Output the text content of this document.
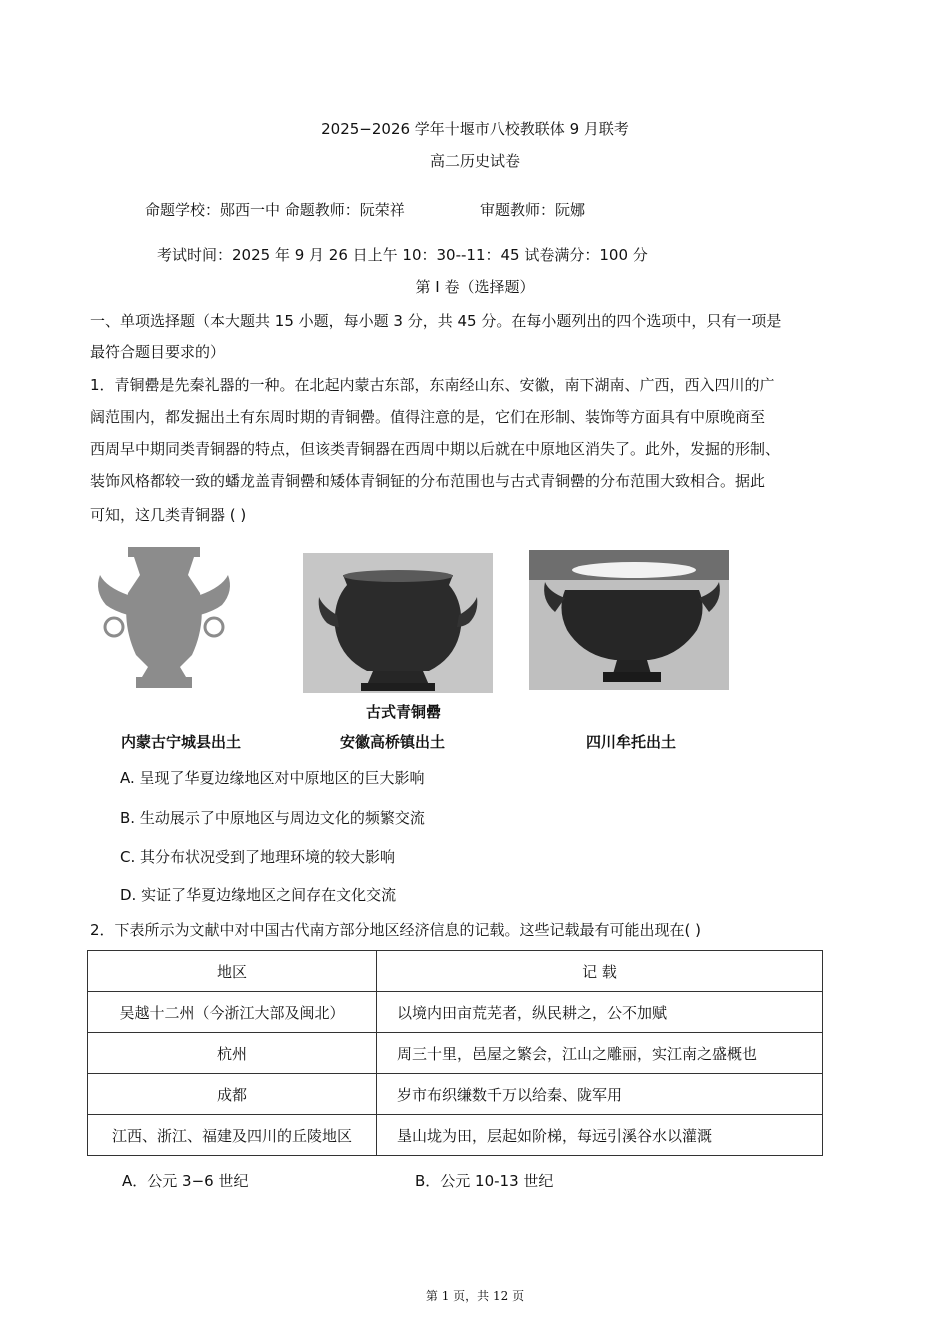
2025−2026 学年十堰市八校教联体 9 月联考
高二历史试卷
命题学校：郧西一中 命题教师：阮荣祥	审题教师：阮娜
考试时间：2025 年 9 月 26 日上午 10：30--11：45 试卷满分：100 分
第 I 卷（选择题）
一、单项选择题（本大题共 15 小题，每小题 3 分，共 45 分。在每小题列出的四个选项中，只有一项是
最符合题目要求的）
1．青铜罍是先秦礼器的一种。在北起内蒙古东部，东南经山东、安徽，南下湖南、广西，西入四川的广
阔范围内，都发掘出土有东周时期的青铜罍。值得注意的是，它们在形制、装饰等方面具有中原晚商至
西周早中期同类青铜器的特点，但该类青铜器在西周中期以后就在中原地区消失了。此外，发掘的形制、
装饰风格都较一致的蟠龙盖青铜罍和矮体青铜钲的分布范围也与古式青铜罍的分布范围大致相合。据此
可知，这几类青铜器 ( )
古式青铜罍
内蒙古宁城县出土	安徽高桥镇出土	四川牟托出土
A. 呈现了华夏边缘地区对中原地区的巨大影响
B. 生动展示了中原地区与周边文化的频繁交流
C. 其分布状况受到了地理环境的较大影响
D. 实证了华夏边缘地区之间存在文化交流
2．下表所示为文献中对中国古代南方部分地区经济信息的记载。这些记载最有可能出现在( )
地区	记 载
吴越十二州（今浙江大部及闽北）	以境内田亩荒芜者，纵民耕之，公不加赋
杭州	周三十里，邑屋之繁会，江山之雕丽，实江南之盛概也
成都	岁市布织缣数千万以给秦、陇军用
江西、浙江、福建及四川的丘陵地区	垦山垅为田，层起如阶梯，每远引溪谷水以灌溉
A．公元 3−6 世纪	B．公元 10-13 世纪
第 1 页，共 12 页
